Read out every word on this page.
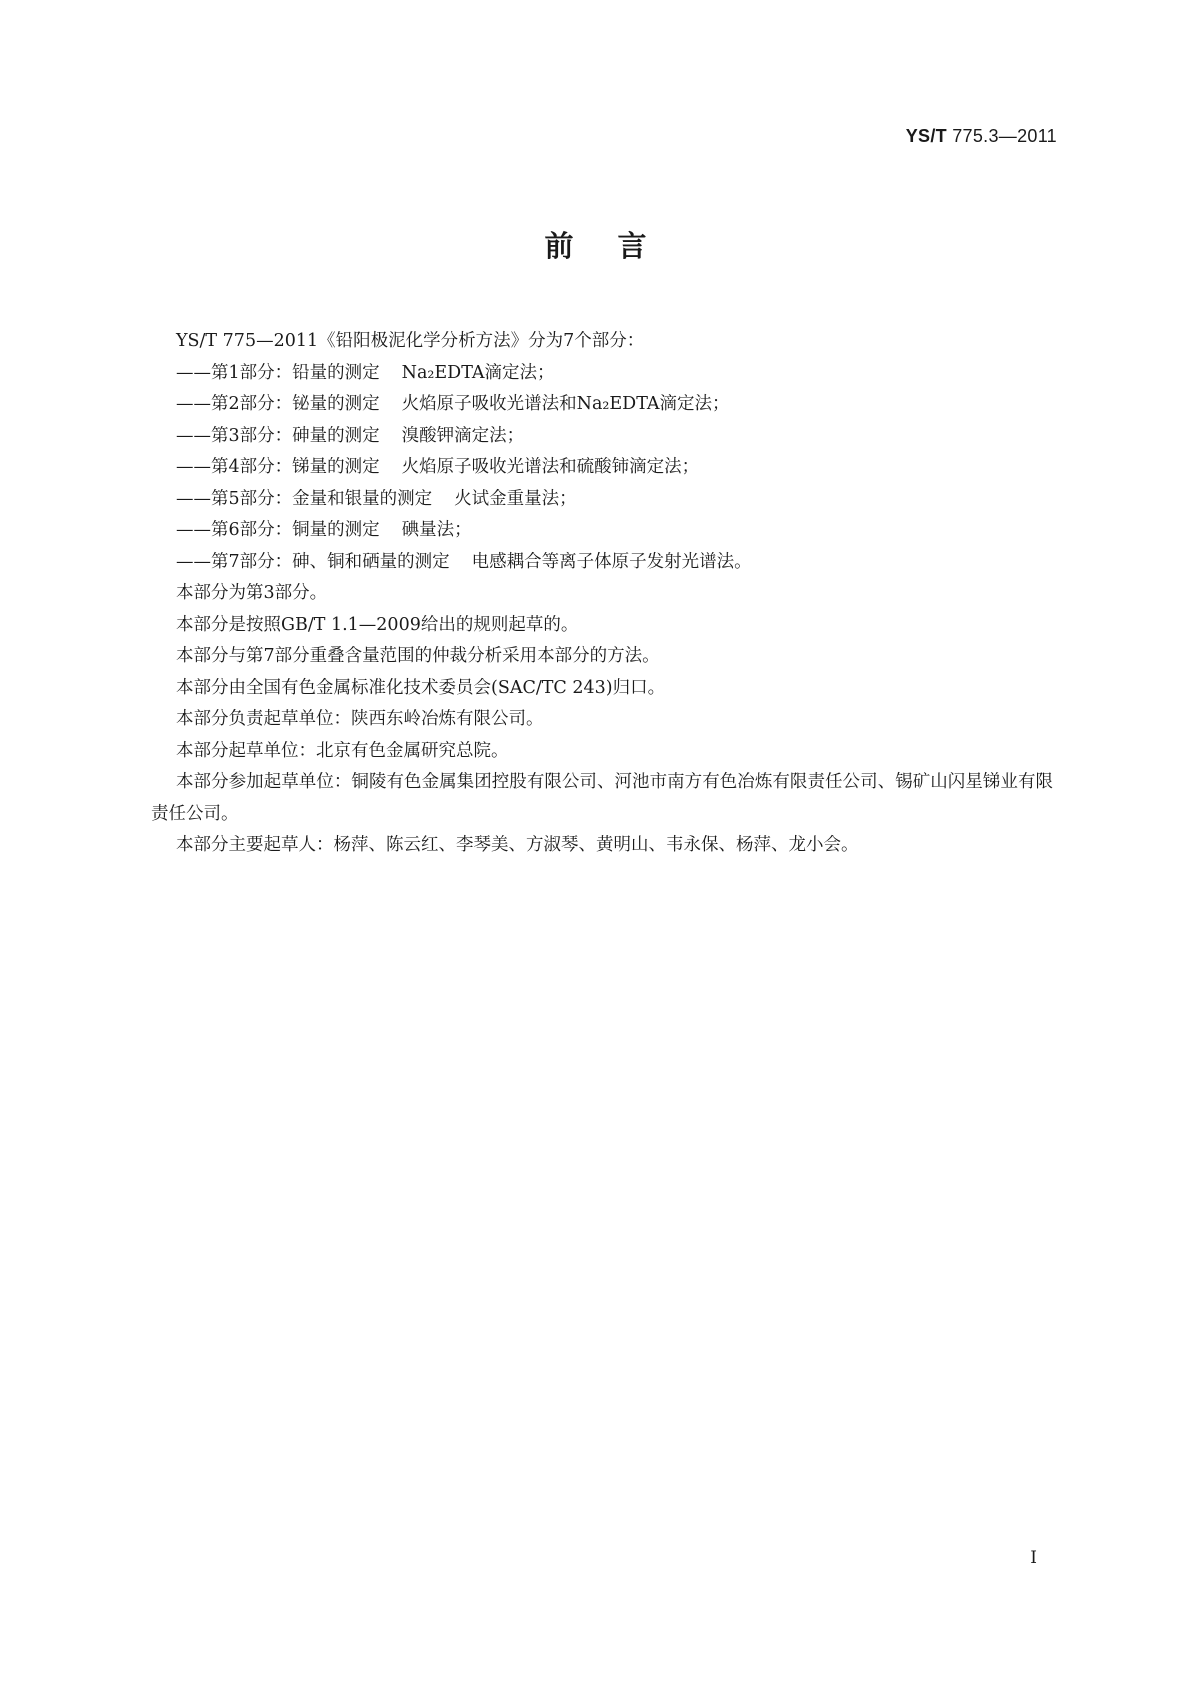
YS/T 775.3—2011
前言

YS/T 775—2011《铅阳极泥化学分析方法》分为7个部分：

——第1部分：铅量的测定 Na₂EDTA滴定法；

——第2部分：铋量的测定 火焰原子吸收光谱法和Na₂EDTA滴定法；

——第3部分：砷量的测定 溴酸钾滴定法；

——第4部分：锑量的测定 火焰原子吸收光谱法和硫酸铈滴定法；

——第5部分：金量和银量的测定 火试金重量法；

——第6部分：铜量的测定 碘量法；

——第7部分：砷、铜和硒量的测定 电感耦合等离子体原子发射光谱法。

本部分为第3部分。

本部分是按照GB/T 1.1—2009给出的规则起草的。

本部分与第7部分重叠含量范围的仲裁分析采用本部分的方法。

本部分由全国有色金属标准化技术委员会(SAC/TC 243)归口。

本部分负责起草单位：陕西东岭冶炼有限公司。

本部分起草单位：北京有色金属研究总院。

本部分参加起草单位：铜陵有色金属集团控股有限公司、河池市南方有色冶炼有限责任公司、锡矿山闪星锑业有限责任公司。

本部分主要起草人：杨萍、陈云红、李琴美、方淑琴、黄明山、韦永保、杨萍、龙小会。

I
